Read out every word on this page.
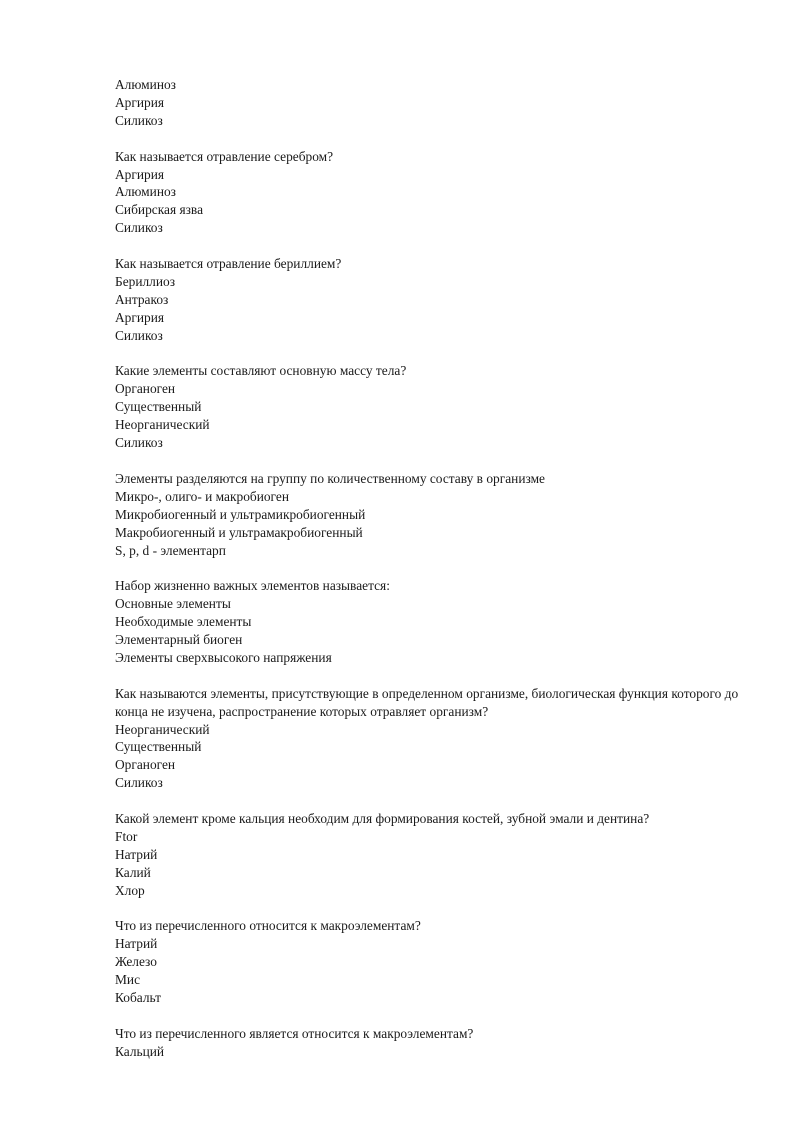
Алюминоз
Аргирия
Силикоз
Как называется отравление серебром?
Аргирия
Алюминоз
Сибирская язва
Силикоз
Как называется отравление бериллием?
Бериллиоз
Антракоз
Аргирия
Силикоз
Какие элементы составляют основную массу тела?
Органоген
Существенный
Неорганический
Силикоз
Элементы разделяются на группу по количественному составу в организме
Микро-, олиго- и макробиоген
Микробиогенный и ультрамикробиогенный
Макробиогенный и ультрамакробиогенный
S, p, d - элементарп
Набор жизненно важных элементов называется:
Основные элементы
Необходимые элементы
Элементарный биоген
Элементы сверхвысокого напряжения
Как называются элементы, присутствующие в определенном организме, биологическая функция которого до конца не изучена, распространение которых отравляет организм?
Неорганический
Существенный
Органоген
Силикоз
Какой элемент кроме кальция необходим для формирования костей, зубной эмали и дентина?
Ftor
Натрий
Калий
Хлор
Что из перечисленного относится к макроэлементам?
Натрий
Железо
Мис
Кобальт
Что из перечисленного является относится к макроэлементам?
Кальций
